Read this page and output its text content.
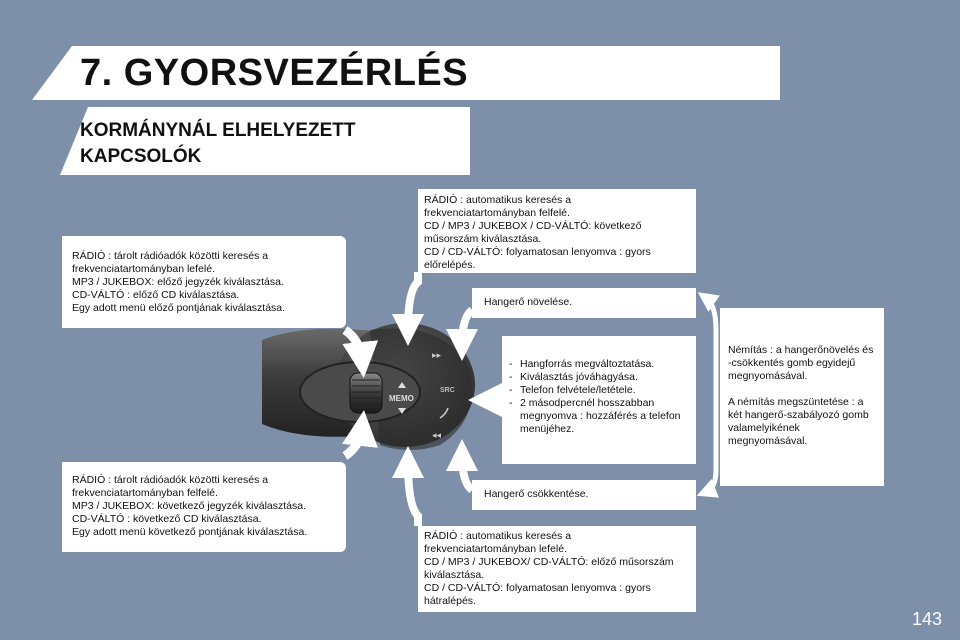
7. GYORSVEZÉRLÉS
KORMÁNYNÁL ELHELYEZETT KAPCSOLÓK
MEMO
▸▸
SRC
◂◂

RÁDIÓ : tárolt rádióadók közötti keresés a
frekvenciatartományban lefelé.
MP3 / JUKEBOX: előző jegyzék kiválasztása.
CD-VÁLTÓ : előző CD kiválasztása.
Egy adott menü előző pontjának kiválasztása.

RÁDIÓ : tárolt rádióadók közötti keresés a
frekvenciatartományban felfelé.
MP3 / JUKEBOX: következő jegyzék kiválasztása.
CD-VÁLTÓ : következő CD kiválasztása.
Egy adott menü következő pontjának kiválasztása.

RÁDIÓ : automatikus keresés a
frekvenciatartományban felfelé.
CD / MP3 / JUKEBOX / CD-VÁLTÓ: következő
műsorszám kiválasztása.
CD / CD-VÁLTÓ: folyamatosan lenyomva : gyors
előrelépés.

RÁDIÓ : automatikus keresés a
frekvenciatartományban lefelé.
CD / MP3 / JUKEBOX/ CD-VÁLTÓ: előző műsorszám
kiválasztása.
CD / CD-VÁLTÓ: folyamatosan lenyomva : gyors
hátralépés.

Hangerő növelése.

Hangerő csökkentése.

- Hangforrás megváltoztatása.
- Kiválasztás jóváhagyása.
- Telefon felvétele/letétele.
- 2 másodpercnél hosszabban megnyomva : hozzáférés a telefon menüjéhez.

Némítás : a hangerőnövelés és -csökkentés gomb egyidejű megnyomásával.

A némítás megszüntetése : a két hangerő-szabályozó gomb valamelyikének megnyomásával.

143
